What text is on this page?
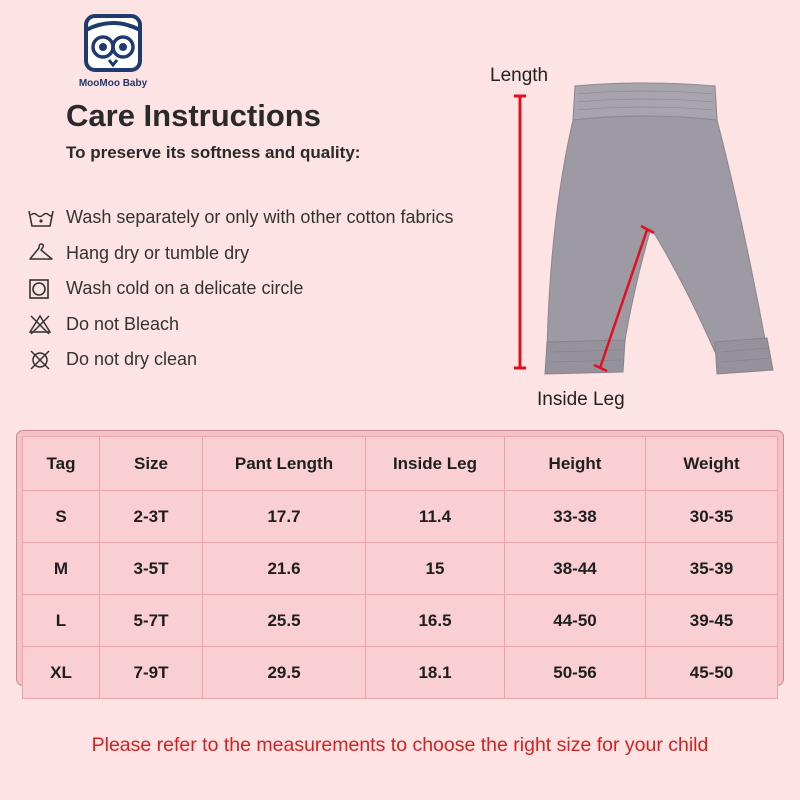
MooMoo Baby
Care Instructions
To preserve its softness and quality:
Wash separately or only with other cotton fabrics
Hang dry or tumble dry
Wash cold on a delicate circle
Do not Bleach
Do not dry clean
Length
Inside Leg
Tag	Size	Pant Length	Inside Leg	Height	Weight
S	2-3T	17.7	11.4	33-38	30-35
M	3-5T	21.6	15	38-44	35-39
L	5-7T	25.5	16.5	44-50	39-45
XL	7-9T	29.5	18.1	50-56	45-50
Please refer to the measurements to choose the right size for your child
